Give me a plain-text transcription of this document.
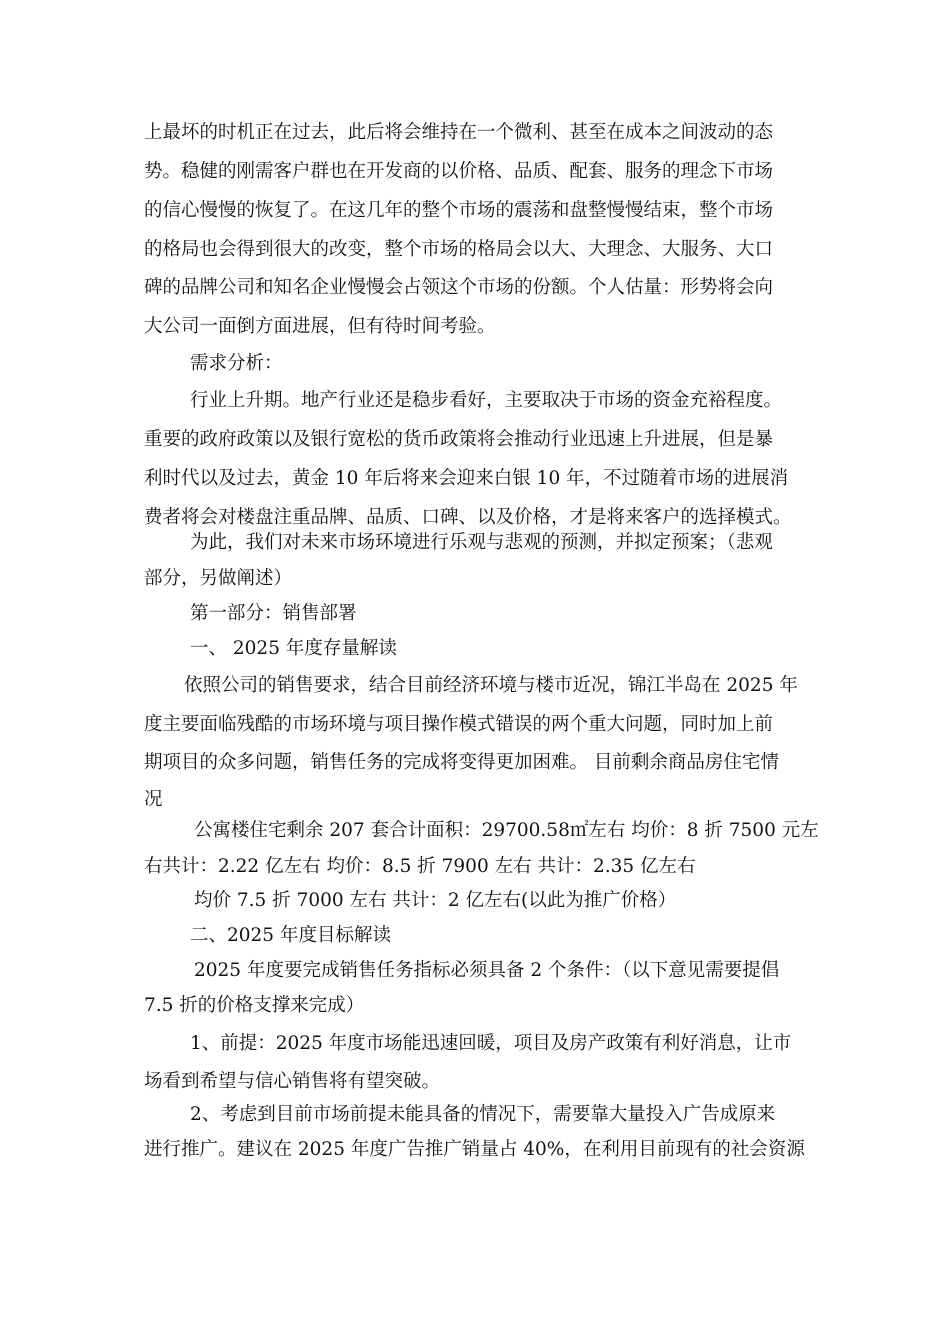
上最坏的时机正在过去，此后将会维持在一个微利、甚至在成本之间波动的态
势。稳健的刚需客户群也在开发商的以价格、品质、配套、服务的理念下市场
的信心慢慢的恢复了。在这几年的整个市场的震荡和盘整慢慢结束，整个市场
的格局也会得到很大的改变，整个市场的格局会以大、大理念、大服务、大口
碑的品牌公司和知名企业慢慢会占领这个市场的份额。个人估量：形势将会向
大公司一面倒方面进展，但有待时间考验。
需求分析：
行业上升期。地产行业还是稳步看好，主要取决于市场的资金充裕程度。
重要的政府政策以及银行宽松的货币政策将会推动行业迅速上升进展，但是暴
利时代以及过去，黄金 10 年后将来会迎来白银 10 年，不过随着市场的进展消
费者将会对楼盘注重品牌、品质、口碑、以及价格，才是将来客户的选择模式。
为此，我们对未来市场环境进行乐观与悲观的预测，并拟定预案；（悲观
部分，另做阐述）
第一部分：销售部署
一、 2025 年度存量解读
依照公司的销售要求，结合目前经济环境与楼市近况，锦江半岛在 2025 年
度主要面临残酷的市场环境与项目操作模式错误的两个重大问题，同时加上前
期项目的众多问题，销售任务的完成将变得更加困难。 目前剩余商品房住宅情
况
公寓楼住宅剩余 207 套合计面积：29700.58㎡左右 均价：8 折 7500 元左
右共计：2.22 亿左右 均价：8.5 折 7900 左右 共计：2.35 亿左右
均价 7.5 折 7000 左右 共计：2 亿左右(以此为推广价格）
二、2025 年度目标解读
2025 年度要完成销售任务指标必须具备 2 个条件：（以下意见需要提倡
7.5 折的价格支撑来完成）
1、前提：2025 年度市场能迅速回暖，项目及房产政策有利好消息，让市
场看到希望与信心销售将有望突破。
2、考虑到目前市场前提未能具备的情况下，需要靠大量投入广告成原来
进行推广。建议在 2025 年度广告推广销量占 40%，在利用目前现有的社会资源
